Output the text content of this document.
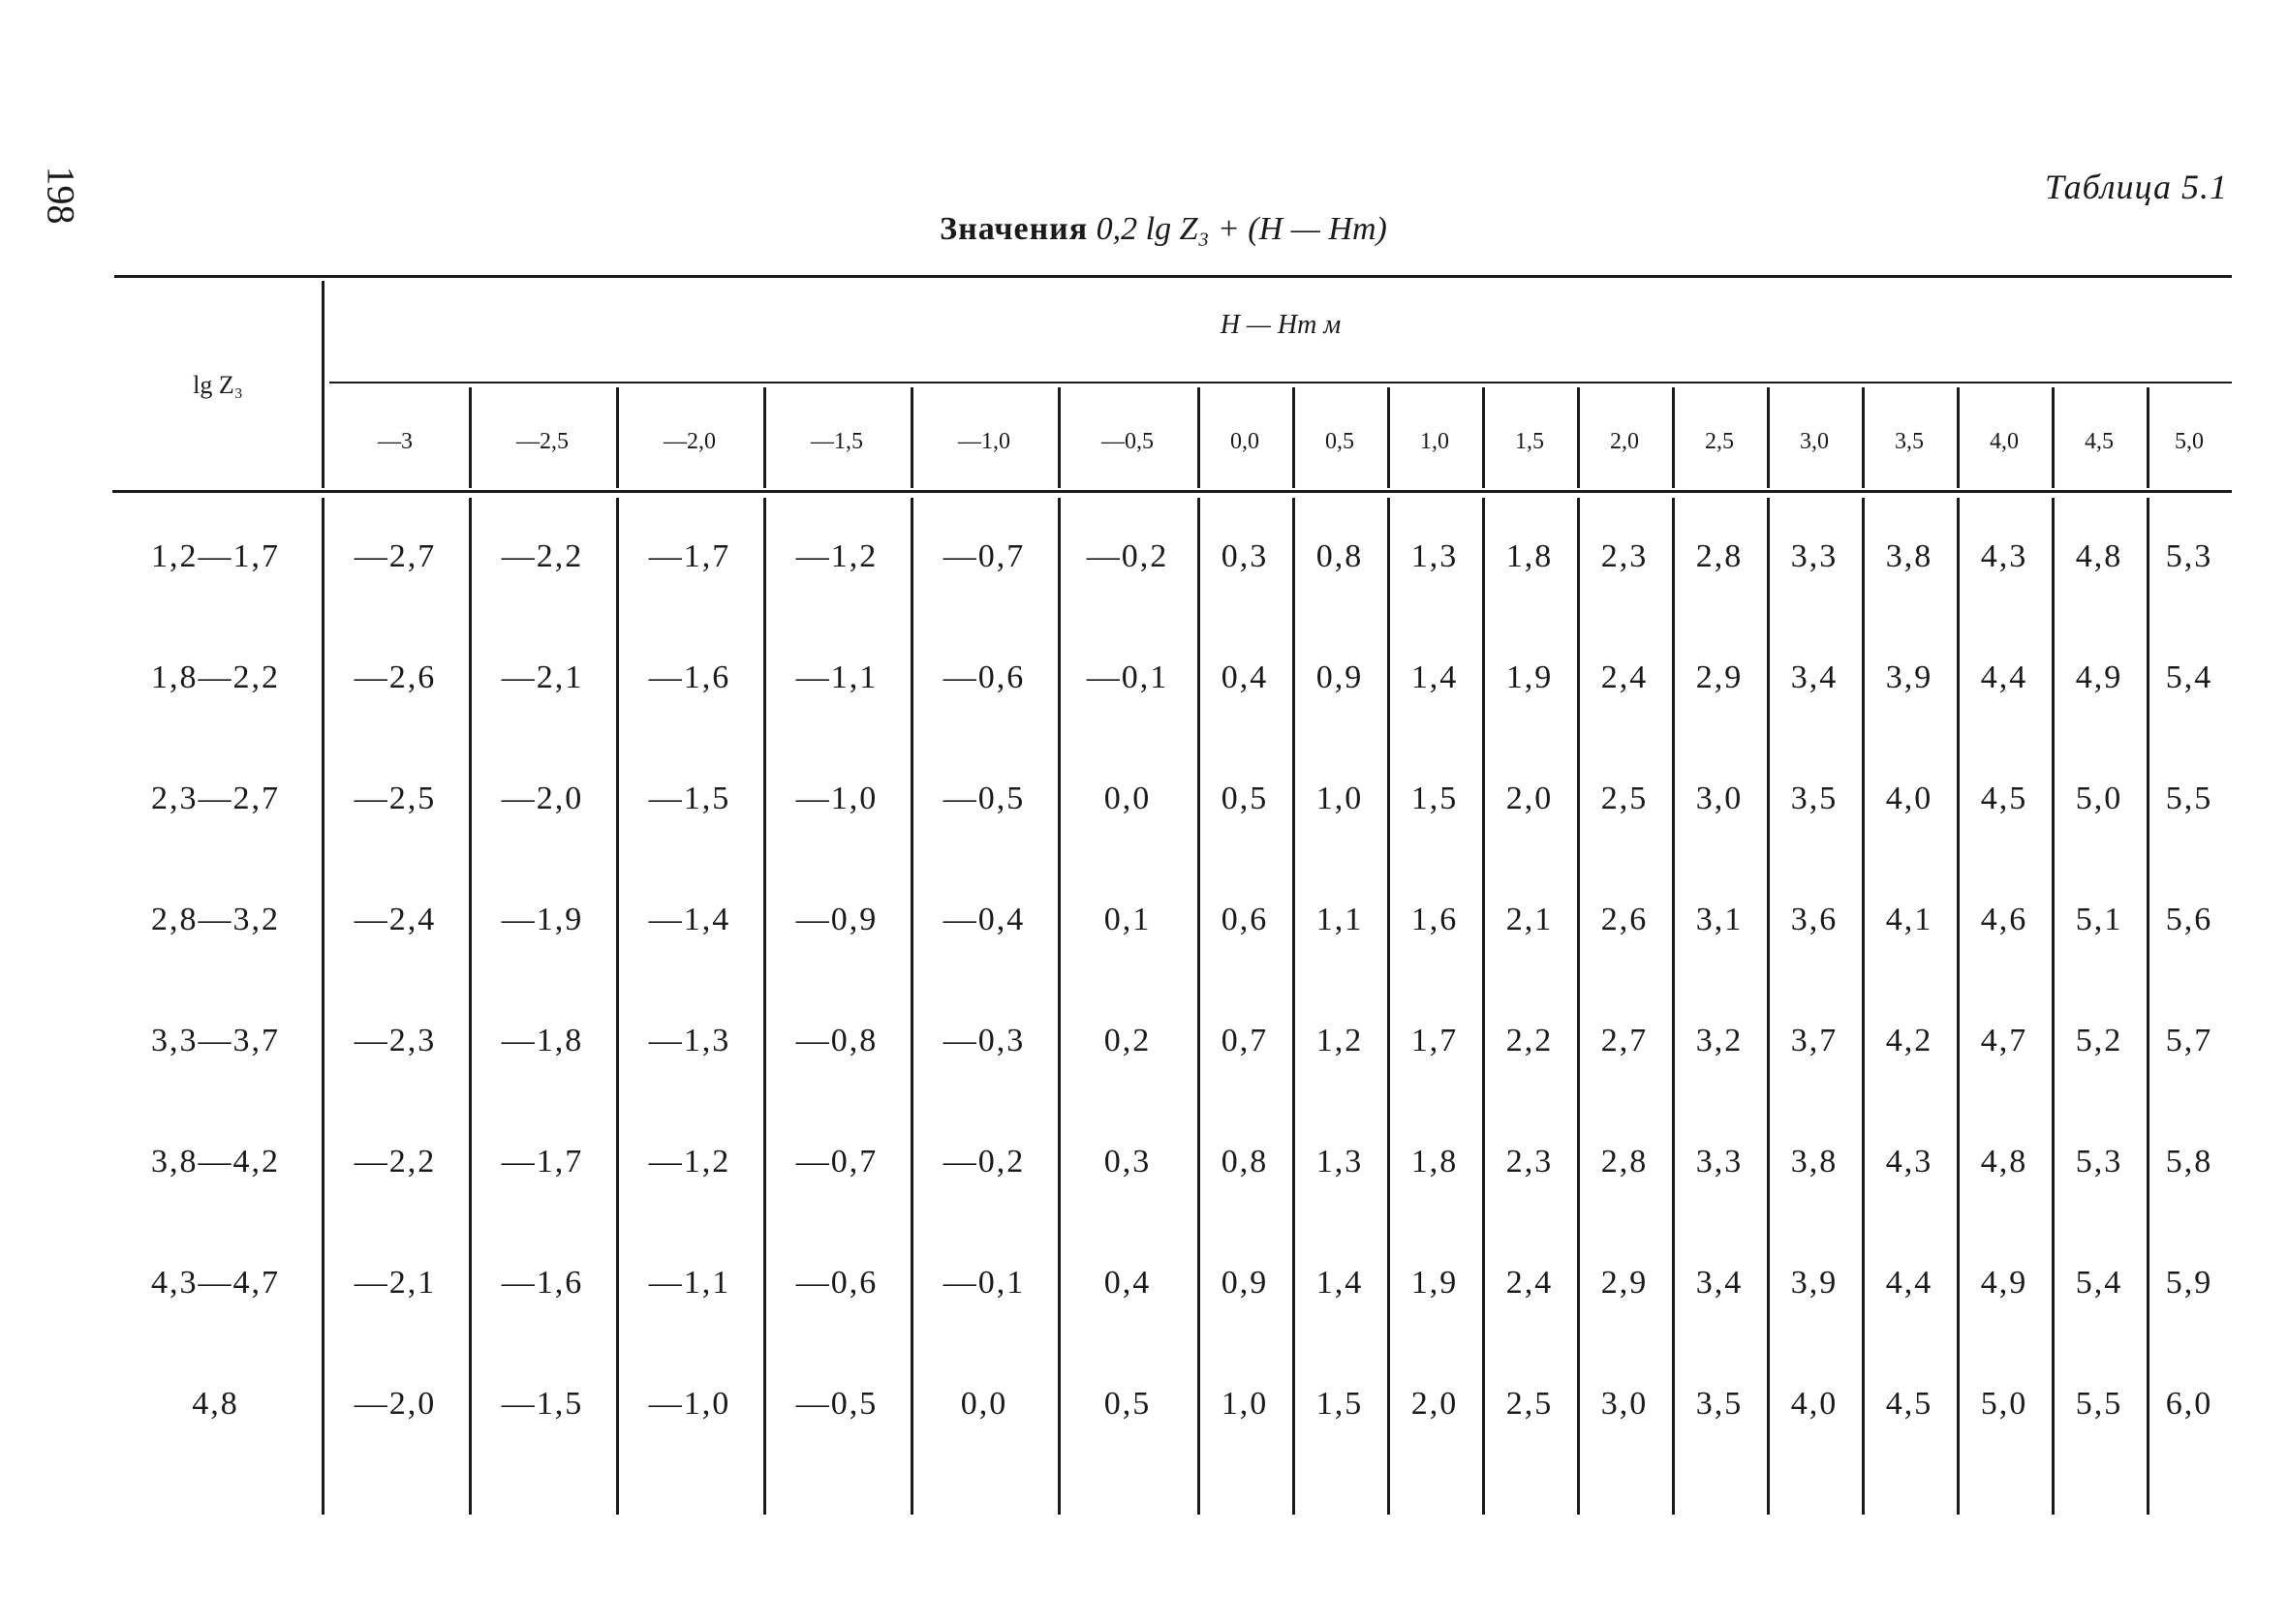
198	Таблица 5.1
Значения 0,2 lg Z₃ + (H — Hт)
lg Z₃
H — Hт м
—3	—2,5	—2,0	—1,5	—1,0	—0,5	0,0	0,5	1,0	1,5	2,0	2,5	3,0	3,5	4,0	4,5	5,0
1,2—1,7	—2,7	—2,2	—1,7	—1,2	—0,7	—0,2	0,3	0,8	1,3	1,8	2,3	2,8	3,3	3,8	4,3	4,8	5,3
1,8—2,2	—2,6	—2,1	—1,6	—1,1	—0,6	—0,1	0,4	0,9	1,4	1,9	2,4	2,9	3,4	3,9	4,4	4,9	5,4
2,3—2,7	—2,5	—2,0	—1,5	—1,0	—0,5	0,0	0,5	1,0	1,5	2,0	2,5	3,0	3,5	4,0	4,5	5,0	5,5
2,8—3,2	—2,4	—1,9	—1,4	—0,9	—0,4	0,1	0,6	1,1	1,6	2,1	2,6	3,1	3,6	4,1	4,6	5,1	5,6
3,3—3,7	—2,3	—1,8	—1,3	—0,8	—0,3	0,2	0,7	1,2	1,7	2,2	2,7	3,2	3,7	4,2	4,7	5,2	5,7
3,8—4,2	—2,2	—1,7	—1,2	—0,7	—0,2	0,3	0,8	1,3	1,8	2,3	2,8	3,3	3,8	4,3	4,8	5,3	5,8
4,3—4,7	—2,1	—1,6	—1,1	—0,6	—0,1	0,4	0,9	1,4	1,9	2,4	2,9	3,4	3,9	4,4	4,9	5,4	5,9
4,8	—2,0	—1,5	—1,0	—0,5	0,0	0,5	1,0	1,5	2,0	2,5	3,0	3,5	4,0	4,5	5,0	5,5	6,0
